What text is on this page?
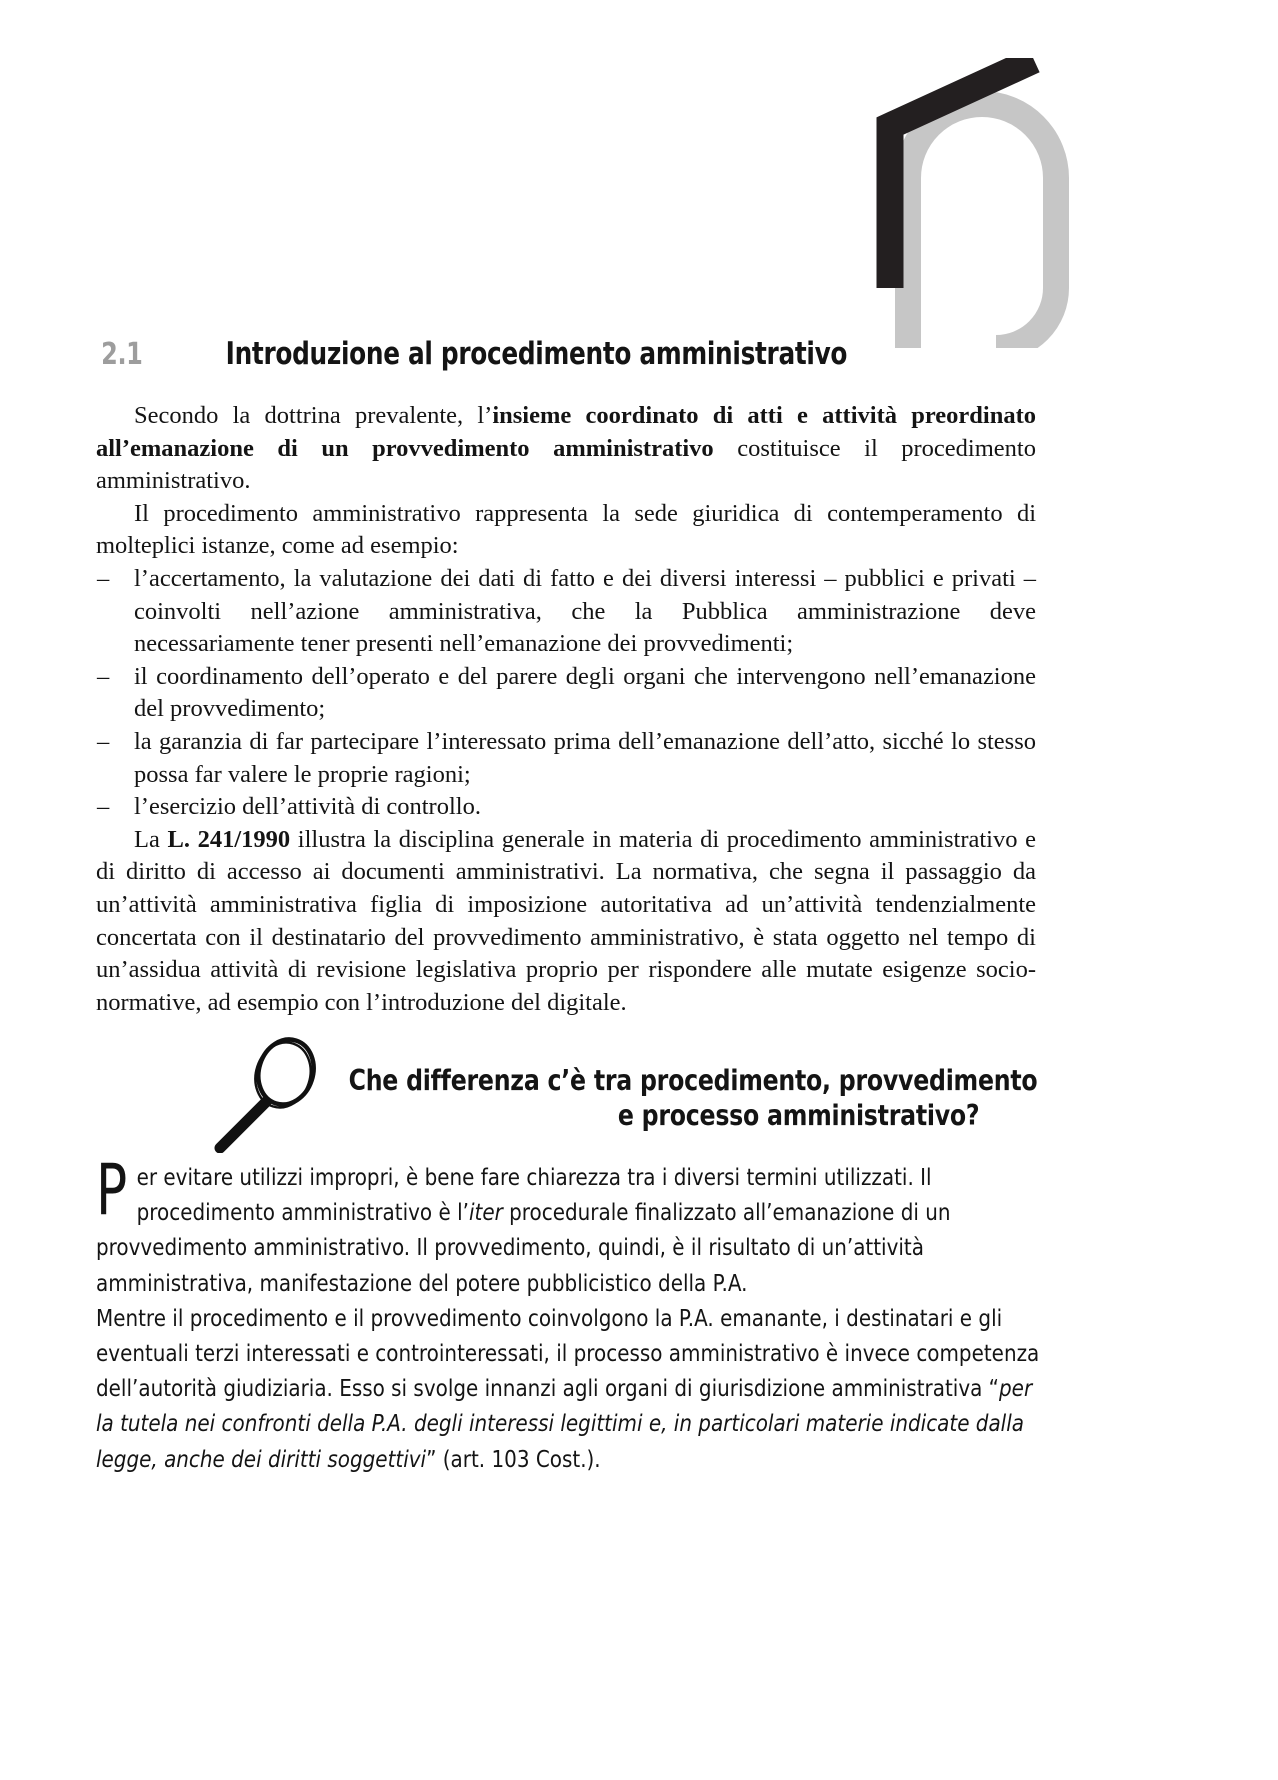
2.1	Introduzione al procedimento amministrativo

Secondo la dottrina prevalente, l’insieme coordinato di atti e attività preordinato all’emanazione di un provvedimento amministrativo costituisce il procedimento amministrativo.

Il procedimento amministrativo rappresenta la sede giuridica di contemperamento di molteplici istanze, come ad esempio:

– l’accertamento, la valutazione dei dati di fatto e dei diversi interessi – pubblici e privati – coinvolti nell’azione amministrativa, che la Pubblica amministrazione deve necessariamente tener presenti nell’emanazione dei provvedimenti;
– il coordinamento dell’operato e del parere degli organi che intervengono nell’emanazione del provvedimento;
– la garanzia di far partecipare l’interessato prima dell’emanazione dell’atto, sicché lo stesso possa far valere le proprie ragioni;
– l’esercizio dell’attività di controllo.

La L. 241/1990 illustra la disciplina generale in materia di procedimento amministrativo e di diritto di accesso ai documenti amministrativi. La normativa, che segna il passaggio da un’attività amministrativa figlia di imposizione autoritativa ad un’attività tendenzialmente concertata con il destinatario del provvedimento amministrativo, è stata oggetto nel tempo di un’assidua attività di revisione legislativa proprio per rispondere alle mutate esigenze socio-normative, ad esempio con l’introduzione del digitale.

Che differenza c’è tra procedimento, provvedimento
e processo amministrativo?

Per evitare utilizzi impropri, è bene fare chiarezza tra i diversi termini utilizzati. Il procedimento amministrativo è l’iter procedurale finalizzato all’emanazione di un provvedimento amministrativo. Il provvedimento, quindi, è il risultato di un’attività amministrativa, manifestazione del potere pubblicistico della P.A.

Mentre il procedimento e il provvedimento coinvolgono la P.A. emanante, i destinatari e gli eventuali terzi interessati e controinteressati, il processo amministrativo è invece competenza dell’autorità giudiziaria. Esso si svolge innanzi agli organi di giurisdizione amministrativa “per la tutela nei confronti della P.A. degli interessi legittimi e, in particolari materie indicate dalla legge, anche dei diritti soggettivi” (art. 103 Cost.).
